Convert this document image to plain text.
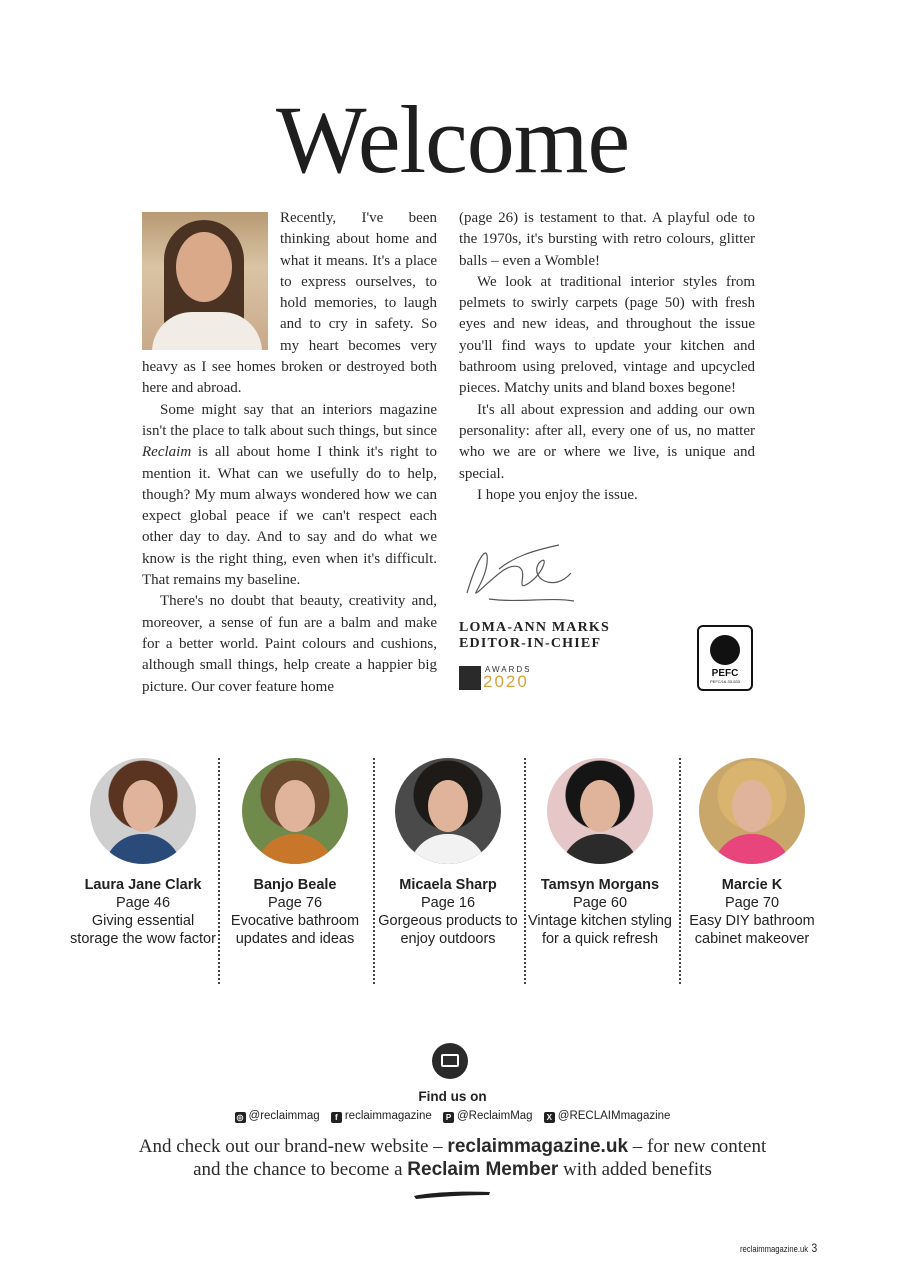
Welcome

Recently, I've been thinking about home and what it means. It's a place to express ourselves, to hold memories, to laugh and to cry in safety. So my heart becomes very heavy as I see homes broken or destroyed both here and abroad.

Some might say that an interiors magazine isn't the place to talk about such things, but since Reclaim is all about home I think it's right to mention it. What can we usefully do to help, though? My mum always wondered how we can expect global peace if we can't respect each other day to day. And to say and do what we know is the right thing, even when it's difficult. That remains my baseline.

There's no doubt that beauty, creativity and, moreover, a sense of fun are a balm and make for a better world. Paint colours and cushions, although small things, help create a happier big picture. Our cover feature home

(page 26) is testament to that. A playful ode to the 1970s, it's bursting with retro colours, glitter balls – even a Womble!

We look at traditional interior styles from pelmets to swirly carpets (page 50) with fresh eyes and new ideas, and throughout the issue you'll find ways to update your kitchen and bathroom using preloved, vintage and upcycled pieces. Matchy units and bland boxes begone!

It's all about expression and adding our own personality: after all, every one of us, no matter who we are or where we live, is unique and special.

I hope you enjoy the issue.

LOMA-ANN MARKS
EDITOR-IN-CHIEF
AWARDS
2020	PEFC
PEFC/16-33-533
Laura Jane Clark
Page 46
Giving essential storage the wow factor
Banjo Beale
Page 76
Evocative bathroom updates and ideas
Micaela Sharp
Page 16
Gorgeous products to enjoy outdoors
Tamsyn Morgans
Page 60
Vintage kitchen styling for a quick refresh
Marcie K
Page 70
Easy DIY bathroom cabinet makeover
Find us on
◎ @reclaimmag f reclaimmagazine P @ReclaimMag X @RECLAIMmagazine
And check out our brand-new website – reclaimmagazine.uk – for new content
and the chance to become a Reclaim Member with added benefits
reclaimmagazine.uk 3
